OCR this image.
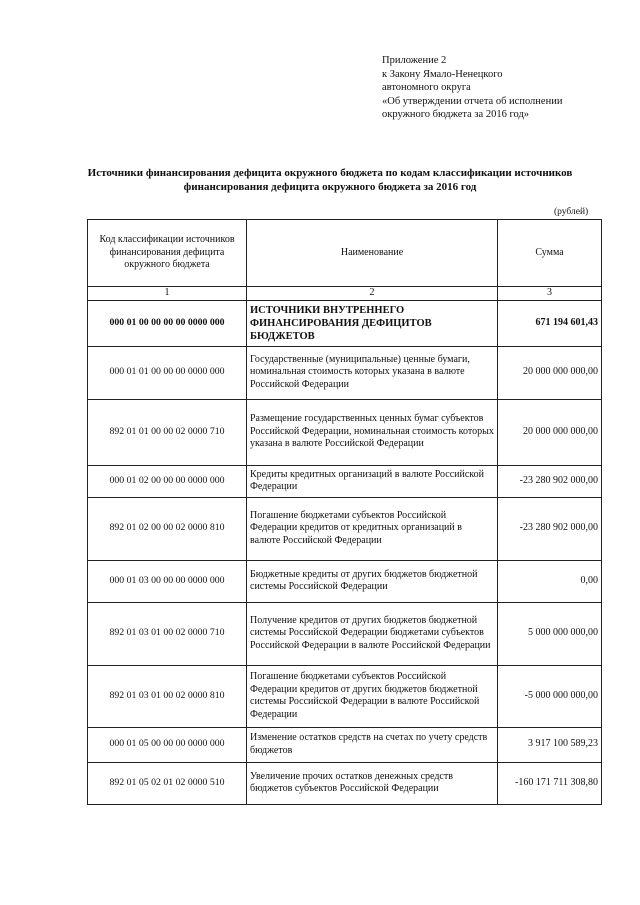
Приложение 2
к Закону Ямало-Ненецкого
автономного округа
«Об утверждении отчета об исполнении
окружного бюджета за 2016 год»
Источники финансирования дефицита окружного бюджета по кодам классификации источников
финансирования дефицита окружного бюджета за 2016 год
(рублей)
Код классификации источников финансирования дефицита окружного бюджета	Наименование	Сумма
1	2	3
000 01 00 00 00 00 0000 000	ИСТОЧНИКИ ВНУТРЕННЕГО ФИНАНСИРОВАНИЯ ДЕФИЦИТОВ БЮДЖЕТОВ	671 194 601,43
000 01 01 00 00 00 0000 000	Государственные (муниципальные) ценные бумаги, номинальная стоимость которых указана в валюте Российской Федерации	20 000 000 000,00
892 01 01 00 00 02 0000 710	Размещение государственных ценных бумаг субъектов Российской Федерации, номинальная стоимость которых указана в валюте Российской Федерации	20 000 000 000,00
000 01 02 00 00 00 0000 000	Кредиты кредитных организаций в валюте Российской Федерации	-23 280 902 000,00
892 01 02 00 00 02 0000 810	Погашение бюджетами субъектов Российской Федерации кредитов от кредитных организаций в валюте Российской Федерации	-23 280 902 000,00
000 01 03 00 00 00 0000 000	Бюджетные кредиты от других бюджетов бюджетной системы Российской Федерации	0,00
892 01 03 01 00 02 0000 710	Получение кредитов от других бюджетов бюджетной системы Российской Федерации бюджетами субъектов Российской Федерации в валюте Российской Федерации	5 000 000 000,00
892 01 03 01 00 02 0000 810	Погашение бюджетами субъектов Российской Федерации кредитов от других бюджетов бюджетной системы Российской Федерации в валюте Российской Федерации	-5 000 000 000,00
000 01 05 00 00 00 0000 000	Изменение остатков средств на счетах по учету средств бюджетов	3 917 100 589,23
892 01 05 02 01 02 0000 510	Увеличение прочих остатков денежных средств бюджетов субъектов Российской Федерации	-160 171 711 308,80
